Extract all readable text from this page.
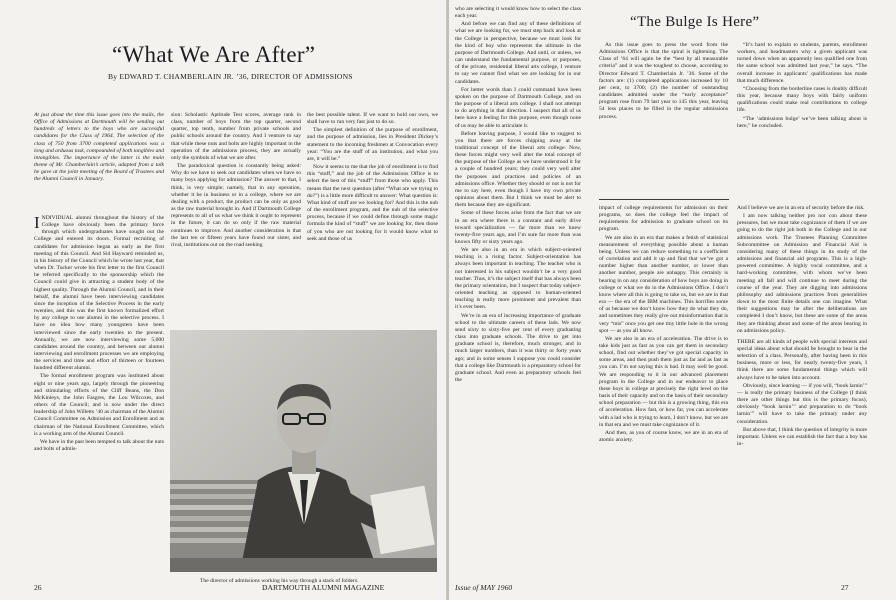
“What We Are After”
By EDWARD T. CHAMBERLAIN JR. ’36, DIRECTOR OF ADMISSIONS
At just about the time this issue goes into the mails, the Office of Admissions at Dartmouth will be sending out hundreds of letters to the boys who are successful candidates for the Class of 1964. The selection of the class of 750 from 3700 completed applications was a long and arduous task, compounded of both tangibles and intangibles. The importance of the latter is the main theme of Mr. Chamberlain’s article, adapted from a talk he gave at the joint meeting of the Board of Trustees and the Alumni Council in January.

INDIVIDUAL alumni throughout the history of the College have obviously been the primary force through which undergraduates have sought out the College and entered its doors. Formal recruiting of candidates for admission began as early as the first meeting of this Council. And Sid Hayward reminded us, in his history of the Council which he wrote last year, that when Dr. Tucker wrote his first letter to the first Council he referred specifically to the sponsorship which the Council could give in attracting a student body of the highest quality. Through the Alumni Council, and in their behalf, the alumni have been interviewing candidates since the inception of the Selective Process in the early twenties, and this was the first known formalized effort by any college to use alumni in the selective process. I have no idea how many youngsters have been interviewed since the early twenties to the present. Annually, we are now interviewing some 5,000 candidates around the country, and between our alumni interviewing and enrollment processes we are employing the services and time and effort of thirteen or fourteen hundred different alumni.

The formal enrollment program was instituted about eight or nine years ago, largely through the pioneering and stimulating efforts of the Cliff Beans, the Don McKinleys, the John Fasgres, the Lou Wilcoxes, and others of the Council; and is now under the direct leadership of John Willetts ’40 as chairman of the Alumni Council Committee on Admission and Enrollment and as chairman of the National Enrollment Committee, which is a working arm of the Alumni Council.

We have in the past been tempted to talk about the nuts and bolts of admis-

sion: Scholastic Aptitude Test scores, average rank in class, number of boys from the top quarter, second quarter, top tenth, number from private schools and public schools around the country. And I venture to say that while these nuts and bolts are highly important in the operation of the admissions process, they are actually only the symbols of what we are after.

The paradoxical question is constantly being asked: Why do we have to seek out candidates when we have so many boys applying for admission? The answer to that, I think, is very simple; namely, that in any operation, whether it be in business or in a college, where we are dealing with a product, the product can be only as good as the raw material brought in. And if Dartmouth College represents to all of us what we think it ought to represent in the future, it can do so only if the raw material continues to improve. And another consideration is that the last ten or fifteen years have found our sister, and rival, institutions out on the road seeking

the best possible talent. If we want to hold our own, we shall have to run very fast just to do so.

The simplest definition of the purpose of enrollment, and the purpose of admission, lies in President Dickey’s statement to the incoming freshmen at Convocation every year: “You are the stuff of an institution, and what you are, it will be.”

Now it seems to me that the job of enrollment is to find this “stuff,” and the job of the Admissions Office is to select the best of this “stuff” from those who apply. This means that the next question (after “What are we trying to do?”) is a little more difficult to answer: What question is: What kind of stuff are we looking for? And this is the nub of the enrollment program, and the nub of the selective process, because if we could define through some magic formula the kind of “stuff” we are looking for, then those of you who are out looking for it would know what to seek and those of us

The director of admissions working his way through a stack of folders.
26	DARTMOUTH ALUMNI MAGAZINE

who are selecting it would know how to select the class each year.

And before we can find any of these definitions of what we are looking for, we must step back and look at the College in perspective, because we must look for the kind of boy who represents the ultimate in the purpose of Dartmouth College. And until, or unless, we can understand the fundamental purpose, or purposes, of the private, residential liberal arts college, I venture to say we cannot find what we are looking for in our candidates.

For better words than I could command have been spoken on the purpose of Dartmouth College, and on the purpose of a liberal arts college. I shall not attempt to do anything in that direction. I suspect that all of us here have a feeling for this purpose, even though none of us may be able to articulate it.

Before leaving purpose, I would like to suggest to you that there are forces chipping away at the traditional concept of the liberal arts college. Now, these forces might very well alter the total concept of the purpose of the College as we have understood it for a couple of hundred years; they could very well alter the purposes and practices and policies of an admissions office. Whether they should or not is not for me to say here, even though I have my own private opinions about them. But I think we must be alert to them because they are significant.

Some of these forces arise from the fact that we are in an era where there is a constant and early drive toward specialization — far more than we knew twenty-five years ago, and I’m sure far more than was known fifty or sixty years ago.

We are also in an era in which subject-oriented teaching is a rising factor. Subject-orientation has always been important in teaching. The teacher who is not interested in his subject wouldn’t be a very good teacher. Thus, it’s the subject itself that has always been the primary orientation, but I suspect that today subject-oriented teaching as opposed to human-oriented teaching is really more prominent and prevalent than it’s ever been.

We’re in an era of increasing importance of graduate school to the ultimate careers of these lads. We now send sixty to sixty-five per cent of every graduating class into graduate schools. The drive to get into graduate school is, therefore, much stronger, and in much larger numbers, than it was thirty or forty years ago; and in some senses I suppose you could consider that a college like Dartmouth is a preparatory school for graduate school. And even as preparatory schools feel the

“The Bulge Is Here”

As this issue goes to press the word from the Admissions Office is that the spiral is tightening. The Class of ’64 will again be the “best by all measurable criteria” and it was the toughest to choose, according to Director Edward T. Chamberlain Jr. ’36. Some of the factors are: (1) completed applications increased by 10 per cent, to 3700; (2) the number of outstanding candidates admitted under the “early acceptance” program rose from 79 last year to 145 this year, leaving 54 less places to be filled in the regular admissions process.

“It’s hard to explain to students, parents, enrollment workers, and headmasters why a given applicant was turned down when an apparently less qualified one from the same school was admitted last year,” he says. “The overall increase in applicants’ qualifications has made that much difference.

“Choosing from the borderline cases is doubly difficult this year, because many boys with fairly uniform qualifications could make real contributions to college life.

“The ‘admissions bulge’ we’ve been talking about is here,” he concluded.

impact of college requirements for admission on their programs, so does the college feel the impact of requirements for admission to graduate school on its program.

We are also in an era that makes a fetish of statistical measurement of everything possible about a human being. Unless we can reduce something to a coefficient of correlation and add it up and find that we’ve got a number higher than another number, or lower than another number, people are unhappy. This certainly is bearing in on any consideration of how boys are doing in college or what we do in the Admissions Office. I don’t know where all this is going to take us, but we are in that era — the era of the IBM machines. This horrifies some of us because we don’t know how they do what they do, and sometimes they really give out misinformation that is very “mis” once you get one tiny little hole in the wrong spot — as you all know.

We are also in an era of acceleration. The drive is to take kids just as fast as you can get them in secondary school, find out whether they’ve got special capacity in some areas, and then push them just as far and as fast as you can. I’m not saying this is bad. It may well be good. We are responding to it in our advanced placement program in the College and in our endeavor to place these boys in college at precisely the right level on the basis of their capacity and on the basis of their secondary school preparation — but this is a growing thing, this era of acceleration. How fast, or how far, you can accelerate with a lad who is trying to learn, I don’t know, but we are in that era and we must take cognizance of it.

And then, as you of course know, we are in an era of atomic anxiety.

And I believe we are in an era of security before the risk.

I am now talking neither pro nor con about these pressures, but we must take cognizance of them if we are going to do the right job both in the College and in our admissions work. The Trustees Planning Committee Subcommittee on Admission and Financial Aid is considering many of these things in its study of the admissions and financial aid programs. This is a high-powered committee. A highly vocal committee, and a hard-working committee, with whom we’ve been meeting all fall and will continue to meet during the course of the year. They are digging into admissions philosophy and admissions practices from generalities down to the most finite details one can imagine. What their suggestions may be after the deliberations are completed I don’t know, but these are some of the areas they are thinking about and some of the areas bearing in on admissions policy.

THERE are all kinds of people with special interests and special ideas about what should be brought to bear in the selection of a class. Personally, after having been in this business, more or less, for nearly twenty-five years, I think there are some fundamental things which will always have to be taken into account.

Obviously, since learning — if you will, “book larnin’” — is really the primary business of the College (I think there are other things but this is the primary focus), obviously “book larnin’” and preparation to do “book larnin’” will have to take the primary under any consideration.

But above that, I think the question of integrity is more important. Unless we can establish the fact that a boy has in-

Issue of MAY 1960	27
